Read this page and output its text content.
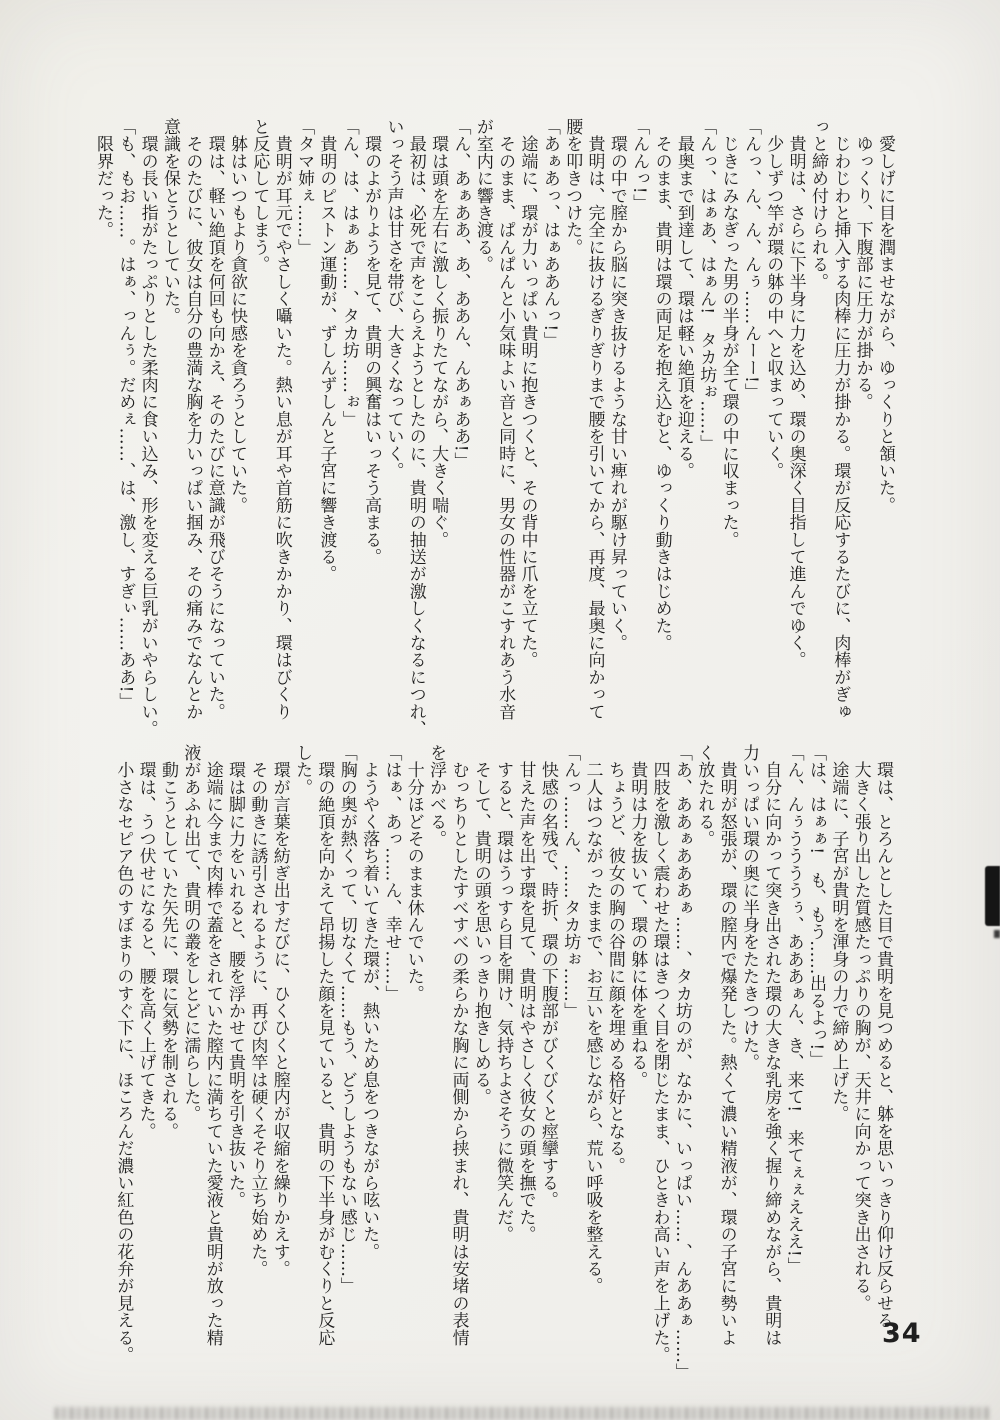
　愛しげに目を潤ませながら、ゆっくりと頷いた。
　ゆっくり、下腹部に圧力が掛かる。
　じわじわと挿入する肉棒に圧力が掛かる。環が反応するたびに、肉棒がぎゅ
っと締め付けられる。
　貴明は、さらに下半身に力を込め、環の奥深く目指して進んでゆく。
　少しずつ竿が環の躰の中へと収まっていく。
「んっ、ん、ん、んぅ……んーー!」
　じきにみなぎった男の半身が全て環の中に収まった。
「んっ、はぁあ、はぁん!　タカ坊ぉ……」
　最奥まで到達して、環は軽い絶頂を迎える。
　そのまま、貴明は環の両足を抱え込むと、ゆっくり動きはじめた。
「んんっ!」
　環の中で膣から脳に突き抜けるような甘い痺れが駆け昇っていく。
　貴明は、完全に抜けるぎりぎりまで腰を引いてから、再度、最奥に向かって
腰を叩きつけた。
「あぁあっ、はぁああんっ!」
　途端に、環が力いっぱい貴明に抱きつくと、その背中に爪を立てた。
　そのまま、ぱんぱんと小気味よい音と同時に、男女の性器がこすれあう水音
が室内に響き渡る。
「ん、あぁああ、あ、ああん、んあぁああ!」
　環は頭を左右に激しく振りたてながら、大きく喘ぐ。
　最初は、必死で声をこらえようとしたのに、貴明の抽送が激しくなるにつれ、
いっそう声は甘さを帯び、大きくなっていく。
　環のよがりようを見て、貴明の興奮はいっそう高まる。
「ん、は、はぁあ……、タカ坊……ぉ」
　貴明のピストン運動が、ずしんずしんと子宮に響き渡る。
「タマ姉ぇ……」
　貴明が耳元でやさしく囁いた。熱い息が耳や首筋に吹きかかり、環はびくり
と反応してしまう。
　躰はいつもより貪欲に快感を貪ろうとしていた。
　環は、軽い絶頂を何回も向かえ、そのたびに意識が飛びそうになっていた。
　そのたびに、彼女は自分の豊満な胸を力いっぱい掴み、その痛みでなんとか
意識を保とうとしていた。
　環の長い指がたっぷりとした柔肉に食い込み、形を変える巨乳がいやらしい。
「も、もお……。はぁ、っんぅ。だめぇ……、は、激し、すぎぃ……ああ!」
　限界だった。
　環は、とろんとした目で貴明を見つめると、躰を思いっきり仰け反らせる。
　大きく張り出した質感たっぷりの胸が、天井に向かって突き出される。
　途端に、子宮が貴明を渾身の力で締め上げた。
「は、はぁぁ!　も、もう……出るよっ!」
「ん、んぅううううぅ、あああぁん、き、来て!　来てぇぇえええ!」
　自分に向かって突き出された環の大きな乳房を強く握り締めながら、貴明は
力いっぱい環の奥に半身をたたきつけた。
　貴明が怒張が、環の膣内で爆発した。熱くて濃い精液が、環の子宮に勢いよ
く放たれる。
「あ、ああぁあああぁ……、タカ坊のが、なかに、いっぱい……、んああぁ……」
　四肢を激しく震わせた環はきつく目を閉じたまま、ひときわ高い声を上げた。
　貴明は力を抜いて、環の躰に体を重ねる。
　ちょうど、彼女の胸の谷間に顔を埋める格好となる。
　二人はつながったままで、お互いを感じながら、荒い呼吸を整える。
「んっ……ん、……タカ坊ぉ……」
　快感の名残で、時折、環の下腹部がびくびくと痙攣する。
　甘えた声を出す環を見て、貴明はやさしく彼女の頭を撫でた。
　すると、環はうっすら目を開け、気持ちよさそうに微笑んだ。
　そして、貴明の頭を思いっきり抱きしめる。
　むっちりとしたすべすべの柔らかな胸に両側から挟まれ、貴明は安堵の表情
を浮かべる。
　十分ほどそのまま休んでいた。
「はぁ、あっ……ん、幸せ……」
　ようやく落ち着いてきた環が、熱いため息をつきながら呟いた。
「胸の奥が熱くって、切なくて……もう、どうしようもない感じ……」
　環の絶頂を向かえて昂揚した顔を見ていると、貴明の下半身がむくりと反応
した。
　環が言葉を紡ぎ出すだびに、ひくひくと膣内が収縮を繰りかえす。
　その動きに誘引されるように、再び肉竿は硬くそそり立ち始めた。
　環は脚に力をいれると、腰を浮かせて貴明を引き抜いた。
　途端に今まで肉棒で蓋をされていた膣内に満ちていた愛液と貴明が放った精
液があふれ出て、貴明の叢をしとどに濡らした。
　動こうとしていた矢先に、環に気勢を制される。
　環は、うつ伏せになると、腰を高く上げてきた。
　小さなセピア色のすぼまりのすぐ下に、ほころんだ濃い紅色の花弁が見える。	34
